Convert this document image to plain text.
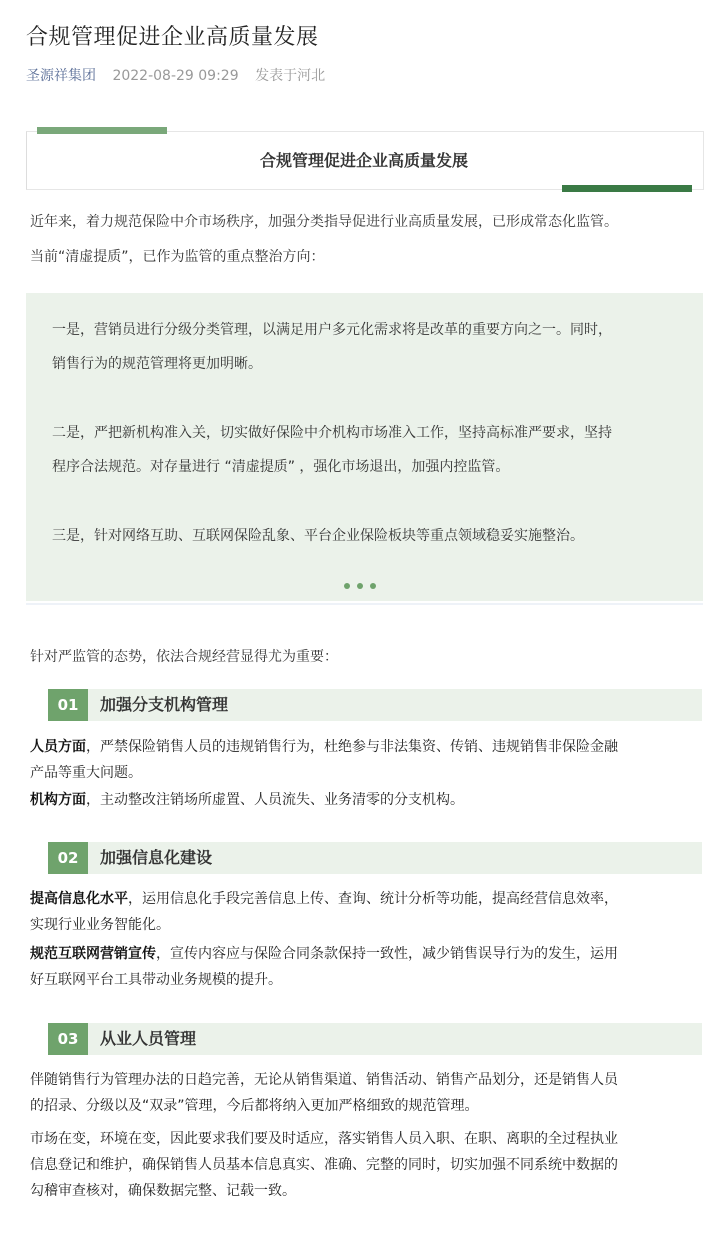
合规管理促进企业高质量发展
圣源祥集团 2022-08-29 09:29 发表于河北
合规管理促进企业高质量发展
近年来，着力规范保险中介市场秩序，加强分类指导促进行业高质量发展，已形成常态化监管。
当前“清虚提质”，已作为监管的重点整治方向：
一是，营销员进行分级分类管理，以满足用户多元化需求将是改革的重要方向之一。同时，
销售行为的规范管理将更加明晰。
二是，严把新机构准入关，切实做好保险中介机构市场准入工作，坚持高标准严要求，坚持
程序合法规范。对存量进行 “清虚提质” ，强化市场退出，加强内控监管。
三是，针对网络互助、互联网保险乱象、平台企业保险板块等重点领域稳妥实施整治。
针对严监管的态势，依法合规经营显得尤为重要：
01	加强分支机构管理
人员方面，严禁保险销售人员的违规销售行为，杜绝参与非法集资、传销、违规销售非保险金融
产品等重大问题。
机构方面，主动整改注销场所虚置、人员流失、业务清零的分支机构。
02	加强信息化建设
提高信息化水平，运用信息化手段完善信息上传、查询、统计分析等功能，提高经营信息效率，
实现行业业务智能化。
规范互联网营销宣传，宣传内容应与保险合同条款保持一致性，减少销售误导行为的发生，运用
好互联网平台工具带动业务规模的提升。
03	从业人员管理
伴随销售行为管理办法的日趋完善，无论从销售渠道、销售活动、销售产品划分，还是销售人员
的招录、分级以及“双录”管理，今后都将纳入更加严格细致的规范管理。
市场在变，环境在变，因此要求我们要及时适应，落实销售人员入职、在职、离职的全过程执业
信息登记和维护，确保销售人员基本信息真实、准确、完整的同时，切实加强不同系统中数据的
勾稽审查核对，确保数据完整、记载一致。
